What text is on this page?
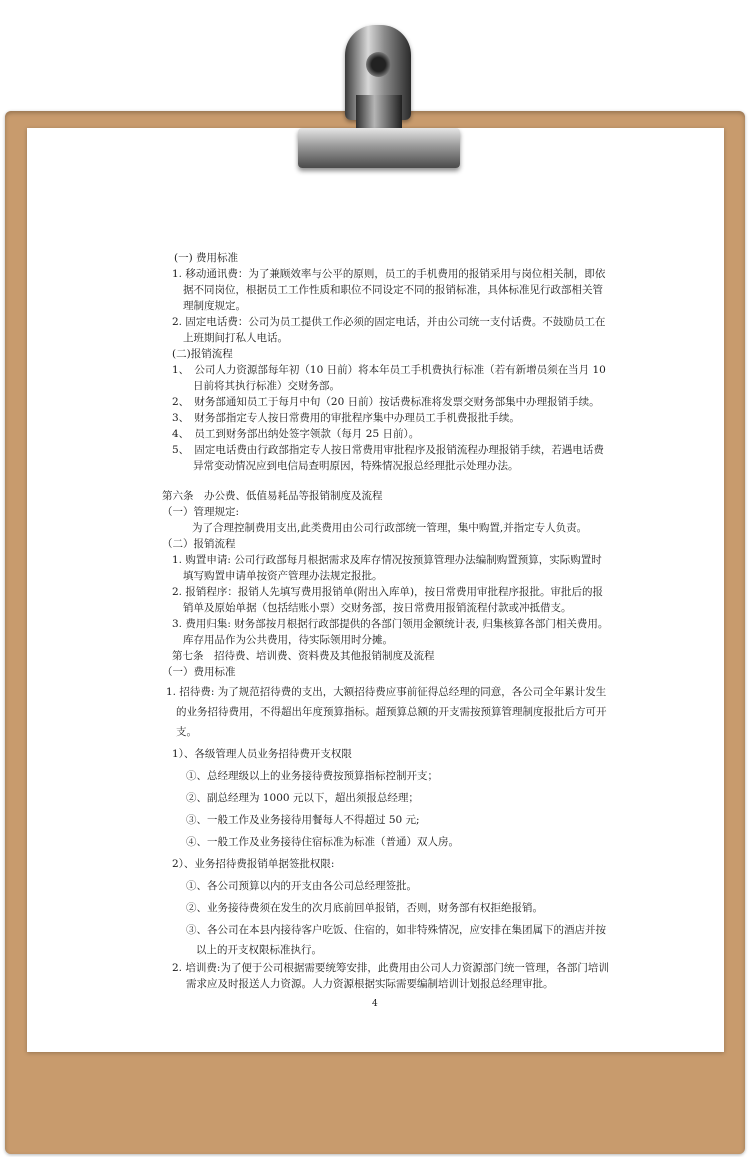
(一) 费用标准

1. 移动通讯费：为了兼顾效率与公平的原则，员工的手机费用的报销采用与岗位相关制，即依

据不同岗位，根据员工工作性质和职位不同设定不同的报销标准，具体标准见行政部相关管

理制度规定。

2. 固定电话费：公司为员工提供工作必须的固定电话，并由公司统一支付话费。不鼓励员工在

上班期间打私人电话。

(二)报销流程

1、　公司人力资源部每年初（10 日前）将本年员工手机费执行标准（若有新增员须在当月 10

日前将其执行标准）交财务部。

2、　财务部通知员工于每月中旬（20 日前）按话费标准将发票交财务部集中办理报销手续。

3、　财务部指定专人按日常费用的审批程序集中办理员工手机费报批手续。

4、　员工到财务部出纳处签字领款（每月 25 日前）。

5、　固定电话费由行政部指定专人按日常费用审批程序及报销流程办理报销手续，若遇电话费

异常变动情况应到电信局查明原因，特殊情况报总经理批示处理办法。

第六条　办公费、低值易耗品等报销制度及流程

（一）管理规定:

为了合理控制费用支出,此类费用由公司行政部统一管理，集中购置,并指定专人负责。

（二）报销流程

1. 购置申请: 公司行政部每月根据需求及库存情况按预算管理办法编制购置预算，实际购置时

填写购置申请单按资产管理办法规定报批。

2. 报销程序：报销人先填写费用报销单(附出入库单)，按日常费用审批程序报批。审批后的报

销单及原始单据（包括结账小票）交财务部，按日常费用报销流程付款或冲抵借支。

3. 费用归集: 财务部按月根据行政部提供的各部门领用金额统计表, 归集核算各部门相关费用。

库存用品作为公共费用，待实际领用时分摊。

第七条　招待费、培训费、资料费及其他报销制度及流程

（一）费用标准

1. 招待费: 为了规范招待费的支出，大额招待费应事前征得总经理的同意，各公司全年累计发生

的业务招待费用，不得超出年度预算指标。超预算总额的开支需按预算管理制度报批后方可开

支。

1）、各级管理人员业务招待费开支权限

①、总经理级以上的业务接待费按预算指标控制开支；

②、副总经理为 1000 元以下，超出须报总经理；

③、一般工作及业务接待用餐每人不得超过 50 元;

④、一般工作及业务接待住宿标准为标准（普通）双人房。

2）、业务招待费报销单据签批权限:

①、各公司预算以内的开支由各公司总经理签批。

②、业务接待费须在发生的次月底前回单报销，否则，财务部有权拒绝报销。

③、各公司在本县内接待客户吃饭、住宿的，如非特殊情况，应安排在集团属下的酒店并按

以上的开支权限标准执行。

2. 培训费:为了便于公司根据需要统筹安排，此费用由公司人力资源部门统一管理，各部门培训

需求应及时报送人力资源。人力资源根据实际需要编制培训计划报总经理审批。

4
